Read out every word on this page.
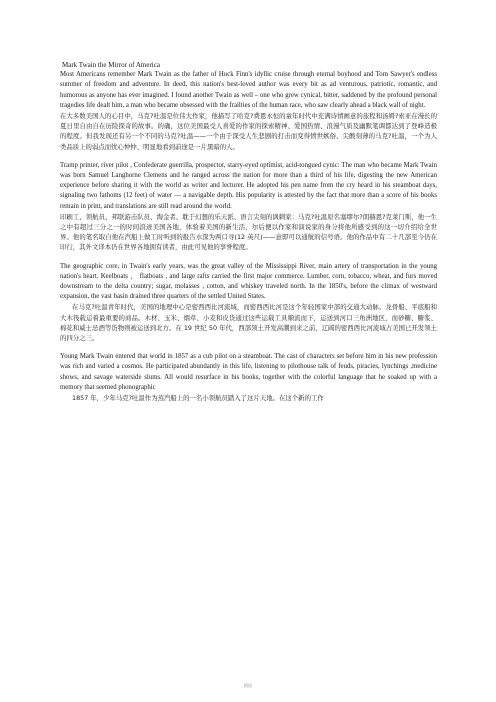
Mark Twain the Mirror of America

Most Americans remember Mark Twain as the father of Huck Finn's idyllic cruise through eternal boyhood and Tom Sawyer's endless summer of freedom and adventure. In deed, this nation's best-loved author was every bit as ad venturous, patriotic, romantic, and humorous as anyone has ever imagined. I found another Twain as well – one who grew cynical, bitter, saddened by the profound personal tragedies life dealt him, a man who became obsessed with the frailties of the human race, who saw clearly ahead a black wall of night.

在大多数美国人的心目中，马克?吐温是位伟大作家，他描写了哈克?费恩永恒的童年时代中充满诗情画意的旅程和汤姆?索亚在漫长的夏日里自由自在历险探奇的故事。的确，这位美国最受人喜爱的作家的探索精神、爱国热情、浪漫气质及幽默笔调都达到了登峰造极的程度。但我发现还有另一个不同的马克?吐温——一个由于深受人生悲剧的打击而变得愤世嫉俗、尖酸刻薄的马克?吐温，一个为人类品质上的弱点而忧心忡忡、明显地看到前途是一片黑暗的人。

Tramp printer, river pilot , Confederate guerrilla, prospector, starry-eyed optimist, acid-tongued cynic: The man who became Mark Twain was born Samuel Langhorne Clemens and he ranged across the nation for more than a third of his life, digesting the new American experience before sharing it with the world as writer and lecturer. He adopted his pen name from the cry heard in his steamboat days, signaling two fathoms (12 feet) of water — a navigable depth. His popularity is attested by the fact that more than a score of his books remain in print, and translations are still read around the world.

印刷工、领航员、邦联游击队员、淘金者、耽于幻想的乐天派、语言尖刻的讽刺家：马克?吐温原名塞缪尔?朗赫恩?克莱门斯，他一生之中有超过三分之一的时间浪迹美国各地，体验着美国的新生活，尔后便以作家和演说家的身分将他所感受到的这一切介绍给全世界。他的笔名取自他在汽船上做工时听到的报告水深为两口寻(12 英尺)——意即可以通航的信号语。他的作品中有二十几部至今仍在印行，其外文译本仍在世界各地拥有读者，由此可见他的享誉程度。

The geographic core, in Twain's early years, was the great valley of the Mississippi River, main artery of transportation in the young nation's heart. Keelboats ， flatboats , and large rafts carried the first major commerce. Lumber, corn, tobacco, wheat, and furs moved downstream to the delta country; sugar, molasses , cotton, and whiskey traveled north. In the 1850's, before the climax of westward expansion, the vast basin drained three quarters of the settled United States.

在马克?吐温青年时代，美国的地理中心是密西西比河流域，而密西西比河是这个年轻国家中部的交通大动脉。龙骨船、平底船和大木筏载运着最重要的商品。木材、玉米、烟草、小麦和皮货通过这些运载工具顺流而下，运送到河口三角洲地区，而砂糖、糖浆、棉花和威士忌酒等货物则被运送到北方。在 19 世纪 50 年代，西部领土开发高潮到来之前，辽阔的密西西比河流域占美国已开发领土的四分之三。

Young Mark Twain entered that world in 1857 as a cub pilot on a steamboat. The cast of characters set before him in his new profession was rich and varied a cosmos. He participated abundantly in this life, listening to pilothouse talk of feuds, piracies, lynchings ,medicine shows, and savage waterside slums. All would resurface in his books, together with the colorful language that he soaked up with a memory that seemed phonographic

1857 年，少年马克?吐温作为蒸汽船上的一名小领航员踏入了这片天地。在这个新的工作

精选
